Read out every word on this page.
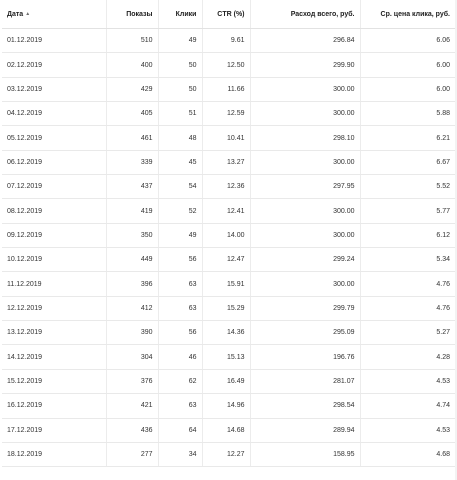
Дата ▲	Показы	Клики	CTR (%)	Расход всего, руб.	Ср. цена клика, руб.
01.12.2019	510	49	9.61	296.84	6.06
02.12.2019	400	50	12.50	299.90	6.00
03.12.2019	429	50	11.66	300.00	6.00
04.12.2019	405	51	12.59	300.00	5.88
05.12.2019	461	48	10.41	298.10	6.21
06.12.2019	339	45	13.27	300.00	6.67
07.12.2019	437	54	12.36	297.95	5.52
08.12.2019	419	52	12.41	300.00	5.77
09.12.2019	350	49	14.00	300.00	6.12
10.12.2019	449	56	12.47	299.24	5.34
11.12.2019	396	63	15.91	300.00	4.76
12.12.2019	412	63	15.29	299.79	4.76
13.12.2019	390	56	14.36	295.09	5.27
14.12.2019	304	46	15.13	196.76	4.28
15.12.2019	376	62	16.49	281.07	4.53
16.12.2019	421	63	14.96	298.54	4.74
17.12.2019	436	64	14.68	289.94	4.53
18.12.2019	277	34	12.27	158.95	4.68
